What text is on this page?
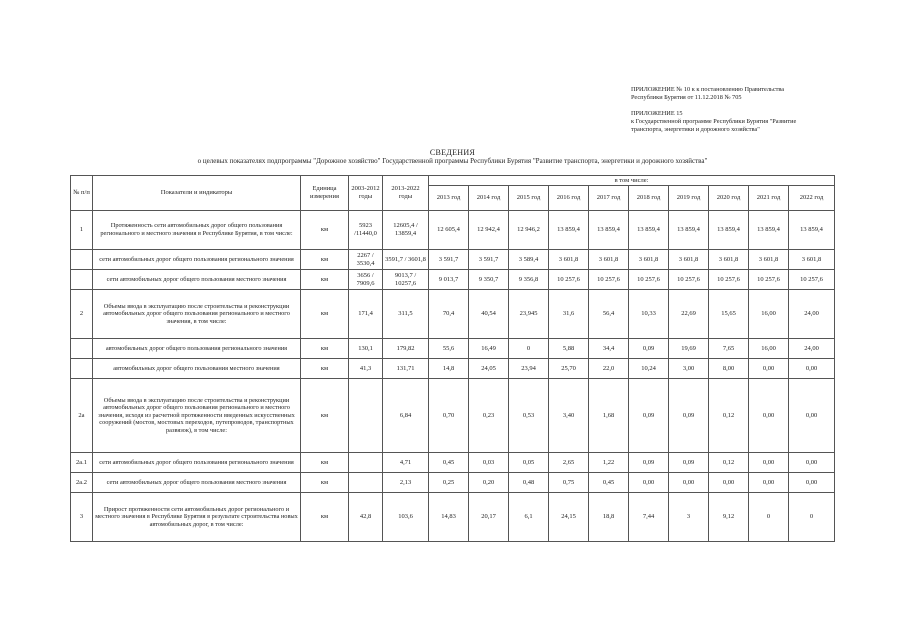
ПРИЛОЖЕНИЕ № 10 к к постановлению Правительства
Республики Бурятия от 11.12.2018 № 705
ПРИЛОЖЕНИЕ 15
к Государственной программе Республики Бурятия "Развитие
транспорта, энергетики и дорожного хозяйства"
СВЕДЕНИЯ
о целевых показателях подпрограммы "Дорожное хозяйство" Государственной программы Республики Бурятия "Развитие транспорта, энергетики и дорожного хозяйства"
№ п/п	Показатели и индикаторы	Единица измерения	2003-2012 годы	2013-2022 годы	в том числе:									
					2013 год	2014 год	2015 год	2016 год	2017 год	2018 год	2019 год	2020 год	2021 год	2022 год
1	Протяженность сети автомобильных дорог общего пользования регионального и местного значения в Республике Бурятия, в том числе:	км	5923 /11440,0	12605,4 / 13859,4	12 605,4	12 942,4	12 946,2	13 859,4	13 859,4	13 859,4	13 859,4	13 859,4	13 859,4	13 859,4
	сети автомобильных дорог общего пользования регионального значения	км	2267 / 3530,4	3591,7 / 3601,8	3 591,7	3 591,7	3 589,4	3 601,8	3 601,8	3 601,8	3 601,8	3 601,8	3 601,8	3 601,8
	сети автомобильных дорог общего пользования местного значения	км	3656 / 7909,6	9013,7 / 10257,6	9 013,7	9 350,7	9 356,8	10 257,6	10 257,6	10 257,6	10 257,6	10 257,6	10 257,6	10 257,6
2	Объемы ввода в эксплуатацию после строительства и реконструкции автомобильных дорог общего пользования регионального и местного значения, в том числе:	км	171,4	311,5	70,4	40,54	23,945	31,6	56,4	10,33	22,69	15,65	16,00	24,00
	автомобильных дорог общего пользования регионального значения	км	130,1	179,82	55,6	16,49	0	5,88	34,4	0,09	19,69	7,65	16,00	24,00
	автомобильных дорог общего пользования местного значения	км	41,3	131,71	14,8	24,05	23,94	25,70	22,0	10,24	3,00	8,00	0,00	0,00
2а	Объемы ввода в эксплуатацию после строительства и реконструкции автомобильных дорог общего пользования регионального и местного значения, исходя из расчетной протяженности введенных искусственных сооружений (мостов, мостовых переходов, путепроводов, транспортных развязок), в том числе:	км		6,84	0,70	0,23	0,53	3,40	1,68	0,09	0,09	0,12	0,00	0,00
2а.1	сети автомобильных дорог общего пользования регионального значения	км		4,71	0,45	0,03	0,05	2,65	1,22	0,09	0,09	0,12	0,00	0,00
2а.2	сети автомобильных дорог общего пользования местного значения	км		2,13	0,25	0,20	0,48	0,75	0,45	0,00	0,00	0,00	0,00	0,00
3	Прирост протяженности сети автомобильных дорог регионального и местного значения в Республике Бурятия в результате строительства новых автомобильных дорог, в том числе:	км	42,8	103,6	14,83	20,17	6,1	24,15	18,8	7,44	3	9,12	0	0
